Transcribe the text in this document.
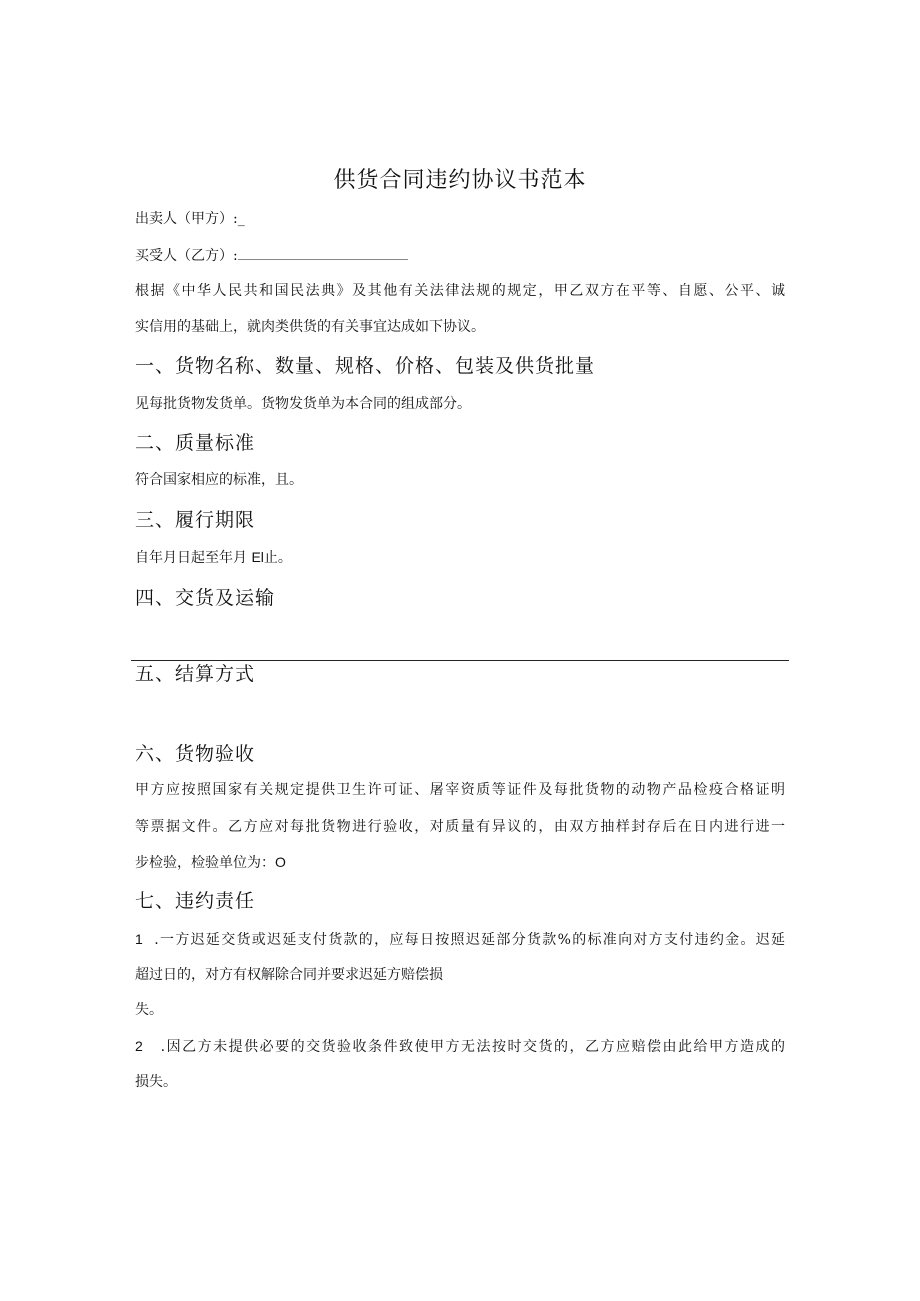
供货合同违约协议书范本
出卖人（甲方）:_
买受人（乙方）:
根据《中华人民共和国民法典》及其他有关法律法规的规定，甲乙双方在平等、自愿、公平、诚
实信用的基础上，就肉类供货的有关事宜达成如下协议。
一、货物名称、数量、规格、价格、包装及供货批量
见每批货物发货单。货物发货单为本合同的组成部分。
二、质量标准
符合国家相应的标准，且。
三、履行期限
自年月日起至年月 El止。
四、交货及运输
五、结算方式
六、货物验收
甲方应按照国家有关规定提供卫生许可证、屠宰资质等证件及每批货物的动物产品检疫合格证明
等票据文件。乙方应对每批货物进行验收，对质量有异议的，由双方抽样封存后在日内进行进一
步检验，检验单位为：O
七、违约责任
1 .一方迟延交货或迟延支付货款的，应每日按照迟延部分货款%的标准向对方支付违约金。迟延
超过日的，对方有权解除合同并要求迟延方赔偿损
失。
2 .因乙方未提供必要的交货验收条件致使甲方无法按时交货的，乙方应赔偿由此给甲方造成的
损失。
